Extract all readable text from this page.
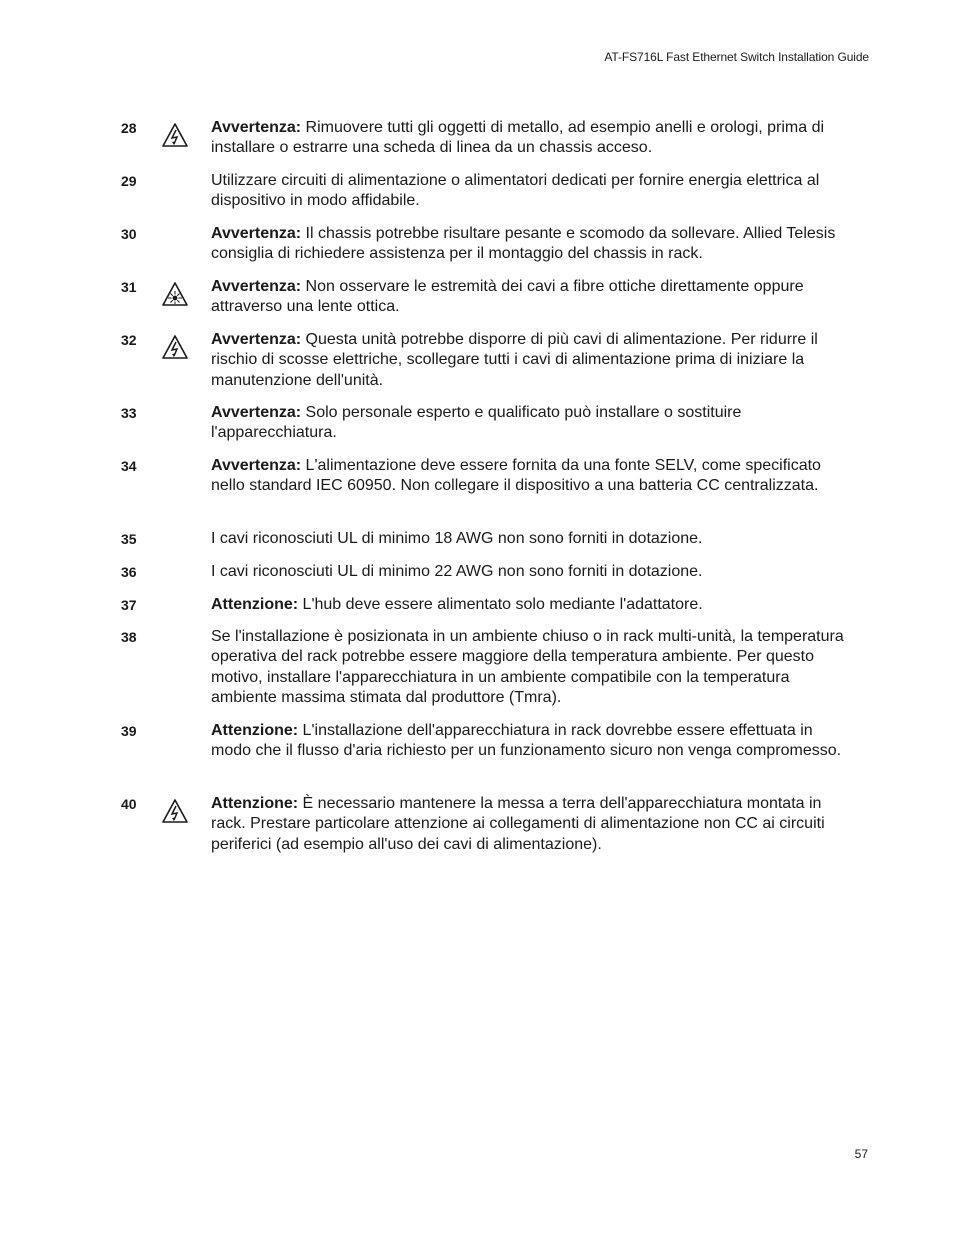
AT-FS716L Fast Ethernet Switch Installation Guide
28	Avvertenza: Rimuovere tutti gli oggetti di metallo, ad esempio anelli e orologi, prima di installare o estrarre una scheda di linea da un chassis acceso.
29	Utilizzare circuiti di alimentazione o alimentatori dedicati per fornire energia elettrica al dispositivo in modo affidabile.
30	Avvertenza: Il chassis potrebbe risultare pesante e scomodo da sollevare. Allied Telesis consiglia di richiedere assistenza per il montaggio del chassis in rack.
31	Avvertenza: Non osservare le estremità dei cavi a fibre ottiche direttamente oppure attraverso una lente ottica.
32	Avvertenza: Questa unità potrebbe disporre di più cavi di alimentazione. Per ridurre il rischio di scosse elettriche, scollegare tutti i cavi di alimentazione prima di iniziare la manutenzione dell'unità.
33	Avvertenza: Solo personale esperto e qualificato può installare o sostituire l'apparecchiatura.
34	Avvertenza: L'alimentazione deve essere fornita da una fonte SELV, come specificato nello standard IEC 60950. Non collegare il dispositivo a una batteria CC centralizzata.
35	I cavi riconosciuti UL di minimo 18 AWG non sono forniti in dotazione.
36	I cavi riconosciuti UL di minimo 22 AWG non sono forniti in dotazione.
37	Attenzione: L'hub deve essere alimentato solo mediante l'adattatore.
38	Se l'installazione è posizionata in un ambiente chiuso o in rack multi-unità, la temperatura operativa del rack potrebbe essere maggiore della temperatura ambiente. Per questo motivo, installare l'apparecchiatura in un ambiente compatibile con la temperatura ambiente massima stimata dal produttore (Tmra).
39	Attenzione: L'installazione dell'apparecchiatura in rack dovrebbe essere effettuata in modo che il flusso d'aria richiesto per un funzionamento sicuro non venga compromesso.
40	Attenzione: È necessario mantenere la messa a terra dell'apparecchiatura montata in rack. Prestare particolare attenzione ai collegamenti di alimentazione non CC ai circuiti periferici (ad esempio all'uso dei cavi di alimentazione).
57
